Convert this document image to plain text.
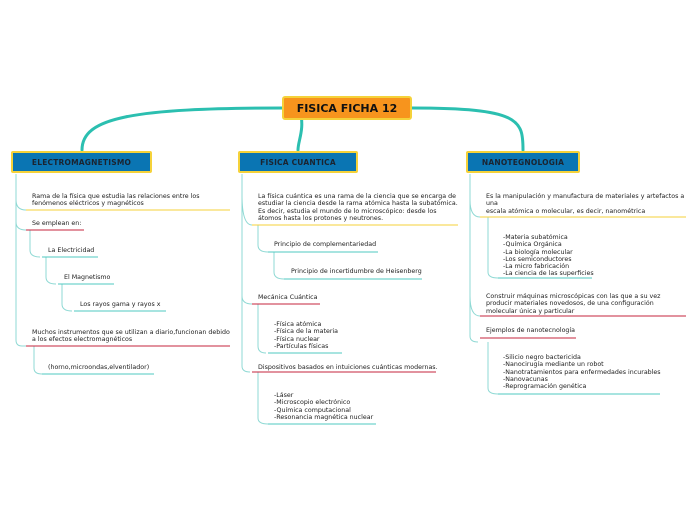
FISICA FICHA 12
ELECTROMAGNETISMO	FISICA CUANTICA	NANOTEGNOLOGIA
Rama de la física que estudia las relaciones entre los
fenómenos eléctricos y magnéticos
Se emplean en:
La Electricidad
El Magnetismo
Los rayos gama y rayos x
Muchos instrumentos que se utilizan a diario,funcionan debido
a los efectos electromagnéticos
(horno,microondas,elventilador)
La física cuántica es una rama de la ciencia que se encarga de
estudiar la ciencia desde la rama atómica hasta la subatómica.
Es decir, estudia el mundo de lo microscópico: desde los
átomos hasta los protones y neutrones.
Principio de complementariedad
Principio de incertidumbre de Heisenberg
Mecánica Cuántica
-Física atómica
-Física de la materia
-Física nuclear
-Partículas físicas
Dispositivos basados en intuiciones cuánticas modernas.
-Láser
-Microscopio electrónico
-Química computacional
-Resonancia magnética nuclear
Es la manipulación y manufactura de materiales y artefactos a
una
escala atómica o molecular, es decir, nanométrica
-Materia subatómica
-Química Orgánica
-La biología molecular
-Los semiconductores
-La micro fabricación
-La ciencia de las superficies
Construir máquinas microscópicas con las que a su vez
producir materiales novedosos, de una configuración
molecular única y particular
Ejemplos de nanotecnología
-Silicio negro bactericida
-Nanocirugía mediante un robot
-Nanotratamientos para enfermedades incurables
-Nanovacunas
-Reprogramación genética
